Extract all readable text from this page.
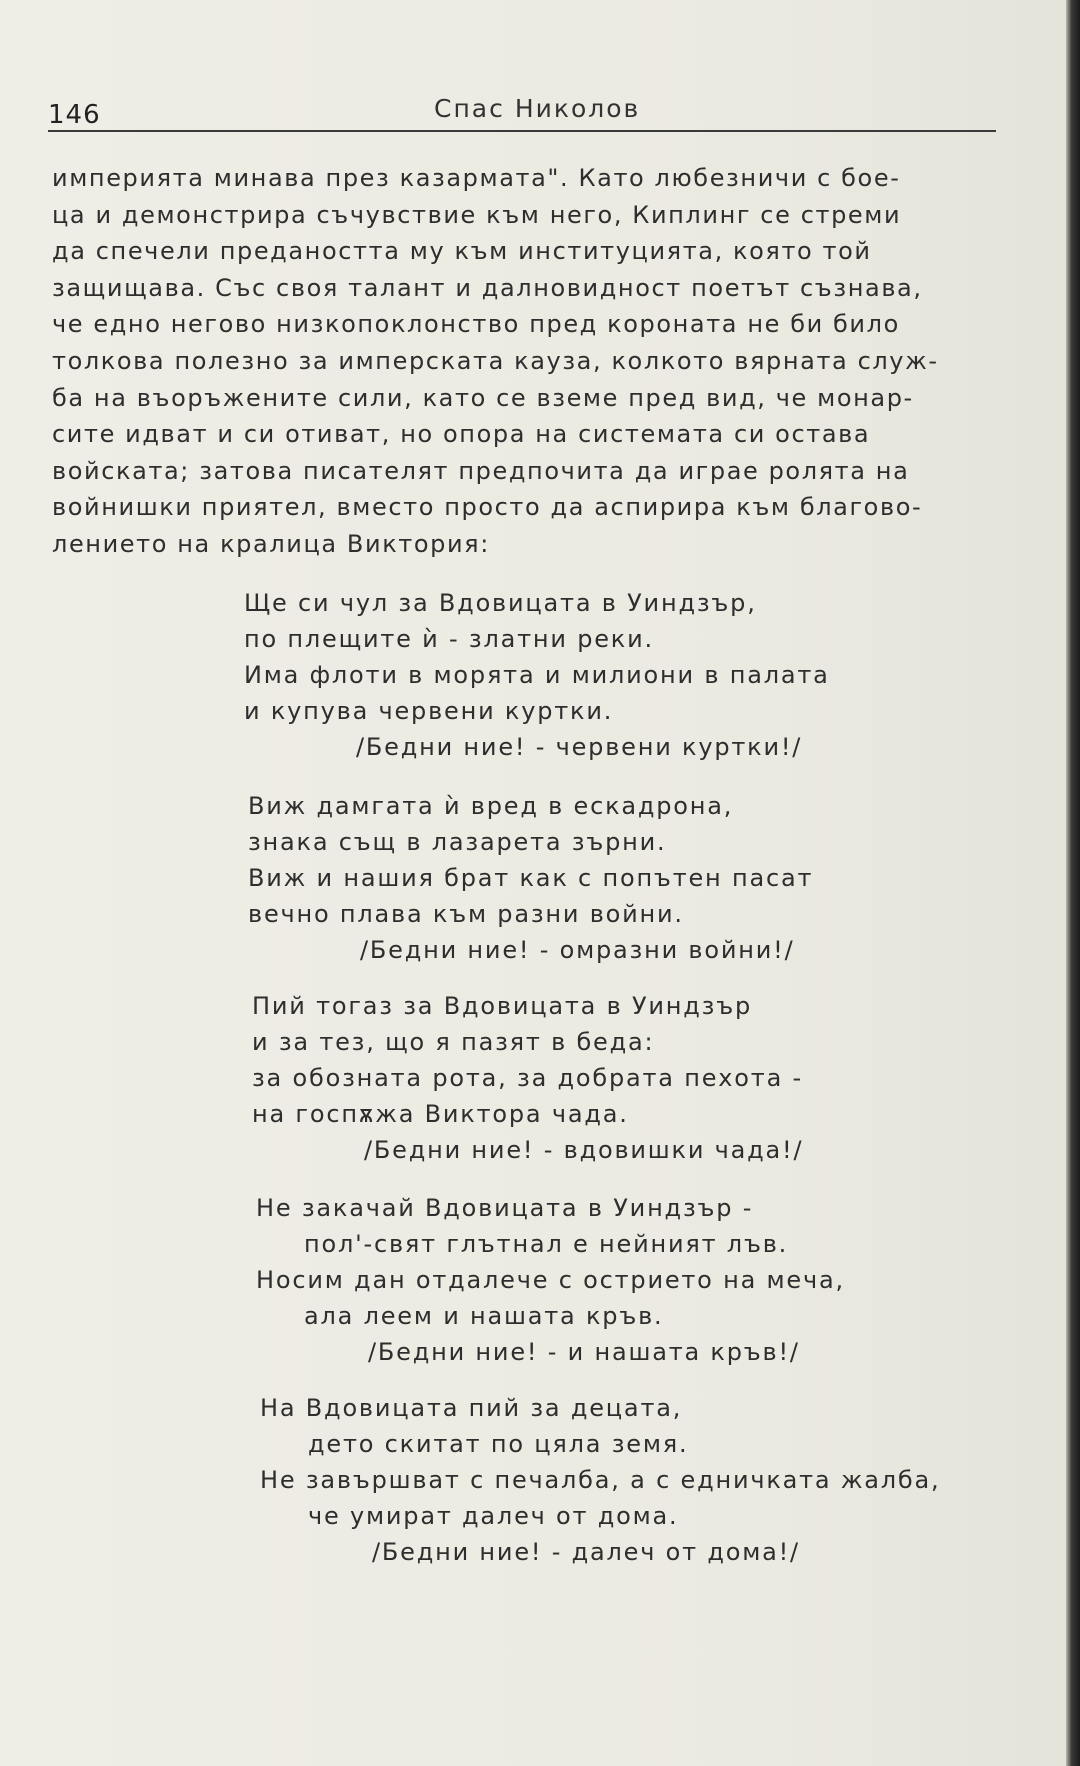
146	Спас Николов
империята минава през казармата". Като любезничи с бое-
ца и демонстрира съчувствие към него, Киплинг се стреми
да спечели предаността му към институцията, която той
защищава. Със своя талант и далновидност поетът съзнава,
че едно негово низкопоклонство пред короната не би било
толкова полезно за имперската кауза, колкото вярната служ-
ба на въоръжените сили, като се вземе пред вид, че монар-
сите идват и си отиват, но опора на системата си остава
войската; затова писателят предпочита да играе ролята на
войнишки приятел, вместо просто да аспирира към благово-
лението на кралица Виктория:
Ще си чул за Вдовицата в Уиндзър,
по плещите ѝ - златни реки.
Има флоти в морята и милиони в палата
и купува червени куртки.
/Бедни ние! - червени куртки!/
Виж дамгата ѝ вред в ескадрона,
знака същ в лазарета зърни.
Виж и нашия брат как с попътен пасат
вечно плава към разни войни.
/Бедни ние! - омразни войни!/
Пий тогаз за Вдовицата в Уиндзър
и за тез, що я пазят в беда:
за обозната рота, за добрата пехота -
на госпѫжа Викторa чада.
/Бедни ние! - вдовишки чада!/
Не закачай Вдовицата в Уиндзър -
пол'-свят глътнал е нейният лъв.
Носим дан отдалече с острието на меча,
ала леем и нашата кръв.
/Бедни ние! - и нашата кръв!/
На Вдовицата пий за децата,
дето скитат по цяла земя.
Не завършват с печалба, а с едничката жалба,
че умират далеч от дома.
/Бедни ние! - далеч от дома!/
